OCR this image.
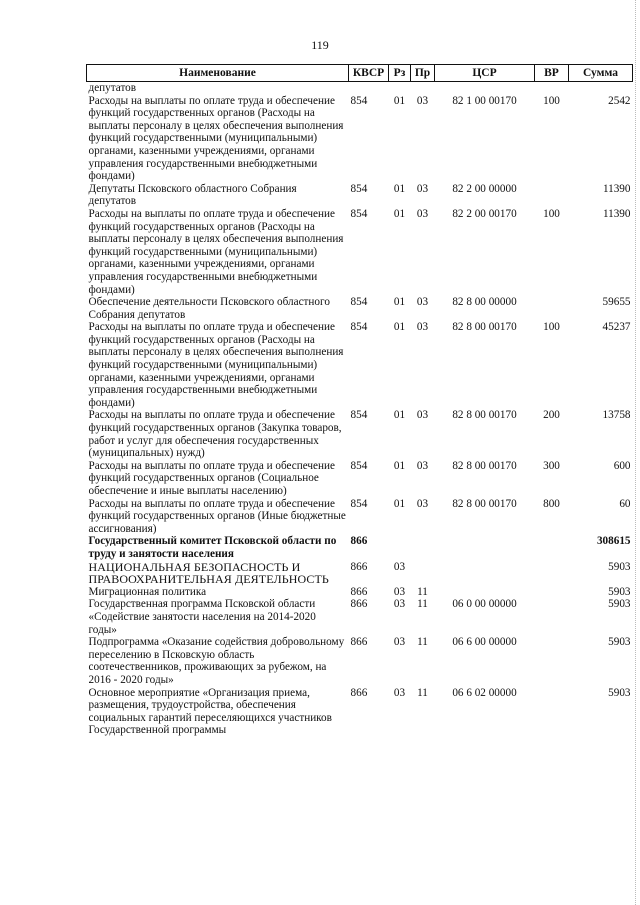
119
Наименование	КВСР	Рз	Пр	ЦСР	ВР	Сумма
депутатов						
Расходы на выплаты по оплате труда и обеспечение функций государственных органов (Расходы на выплаты персоналу в целях обеспечения выполнения функций государственными (муниципальными) органами, казенными учреждениями, органами управления государственными внебюджетными фондами)	854	01	03	82 1 00 00170	100	2542
Депутаты Псковского областного Собрания депутатов	854	01	03	82 2 00 00000		11390
Расходы на выплаты по оплате труда и обеспечение функций государственных органов (Расходы на выплаты персоналу в целях обеспечения выполнения функций государственными (муниципальными) органами, казенными учреждениями, органами управления государственными внебюджетными фондами)	854	01	03	82 2 00 00170	100	11390
Обеспечение деятельности Псковского областного Собрания депутатов	854	01	03	82 8 00 00000		59655
Расходы на выплаты по оплате труда и обеспечение функций государственных органов (Расходы на выплаты персоналу в целях обеспечения выполнения функций государственными (муниципальными) органами, казенными учреждениями, органами управления государственными внебюджетными фондами)	854	01	03	82 8 00 00170	100	45237
Расходы на выплаты по оплате труда и обеспечение функций государственных органов (Закупка товаров, работ и услуг для обеспечения государственных (муниципальных) нужд)	854	01	03	82 8 00 00170	200	13758
Расходы на выплаты по оплате труда и обеспечение функций государственных органов (Социальное обеспечение и иные выплаты населению)	854	01	03	82 8 00 00170	300	600
Расходы на выплаты по оплате труда и обеспечение функций государственных органов (Иные бюджетные ассигнования)	854	01	03	82 8 00 00170	800	60
Государственный комитет Псковской области по труду и занятости населения	866					308615
НАЦИОНАЛЬНАЯ БЕЗОПАСНОСТЬ И ПРАВООХРАНИТЕЛЬНАЯ ДЕЯТЕЛЬНОСТЬ	866	03				5903
Миграционная политика	866	03	11			5903
Государственная программа Псковской области «Содействие занятости населения на 2014-2020 годы»	866	03	11	06 0 00 00000		5903
Подпрограмма «Оказание содействия добровольному переселению в Псковскую область соотечественников, проживающих за рубежом, на 2016 - 2020 годы»	866	03	11	06 6 00 00000		5903
Основное мероприятие «Организация приема, размещения, трудоустройства, обеспечения социальных гарантий переселяющихся участников Государственной программы	866	03	11	06 6 02 00000		5903
